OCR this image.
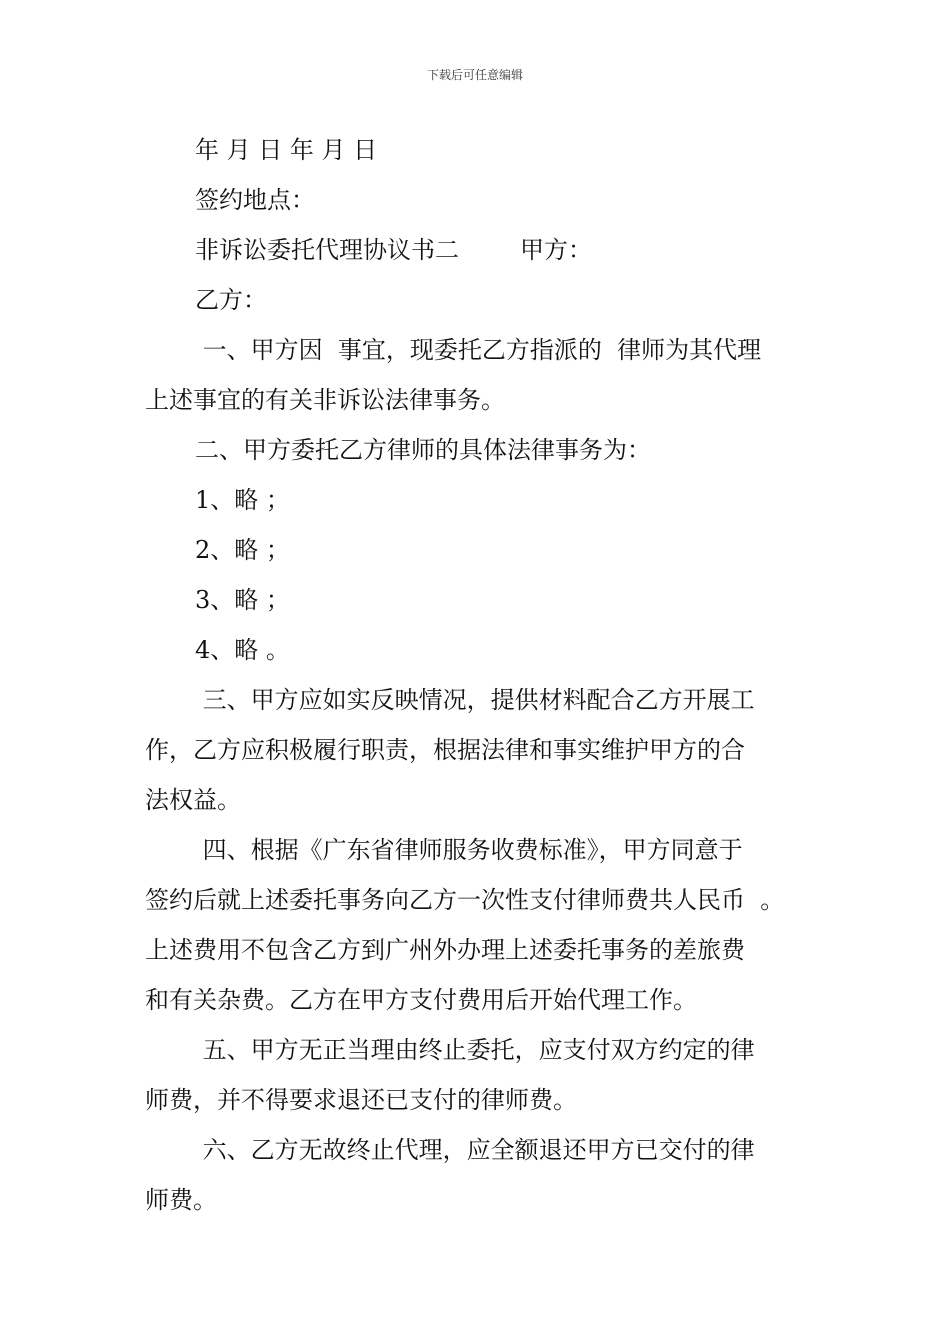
下载后可任意编辑
年 月 日 年 月 日
签约地点：
非诉讼委托代理协议书二        甲方：
乙方：
一、甲方因  事宜，现委托乙方指派的  律师为其代理
上述事宜的有关非诉讼法律事务。
二、甲方委托乙方律师的具体法律事务为：
1、略 ；
2、略 ；
3、略 ；
4、略 。
三、甲方应如实反映情况，提供材料配合乙方开展工
作，乙方应积极履行职责，根据法律和事实维护甲方的合
法权益。
四、根据《广东省律师服务收费标准》，甲方同意于
签约后就上述委托事务向乙方一次性支付律师费共人民币  。
上述费用不包含乙方到广州外办理上述委托事务的差旅费
和有关杂费。乙方在甲方支付费用后开始代理工作。
五、甲方无正当理由终止委托，应支付双方约定的律
师费，并不得要求退还已支付的律师费。
六、乙方无故终止代理，应全额退还甲方已交付的律
师费。
